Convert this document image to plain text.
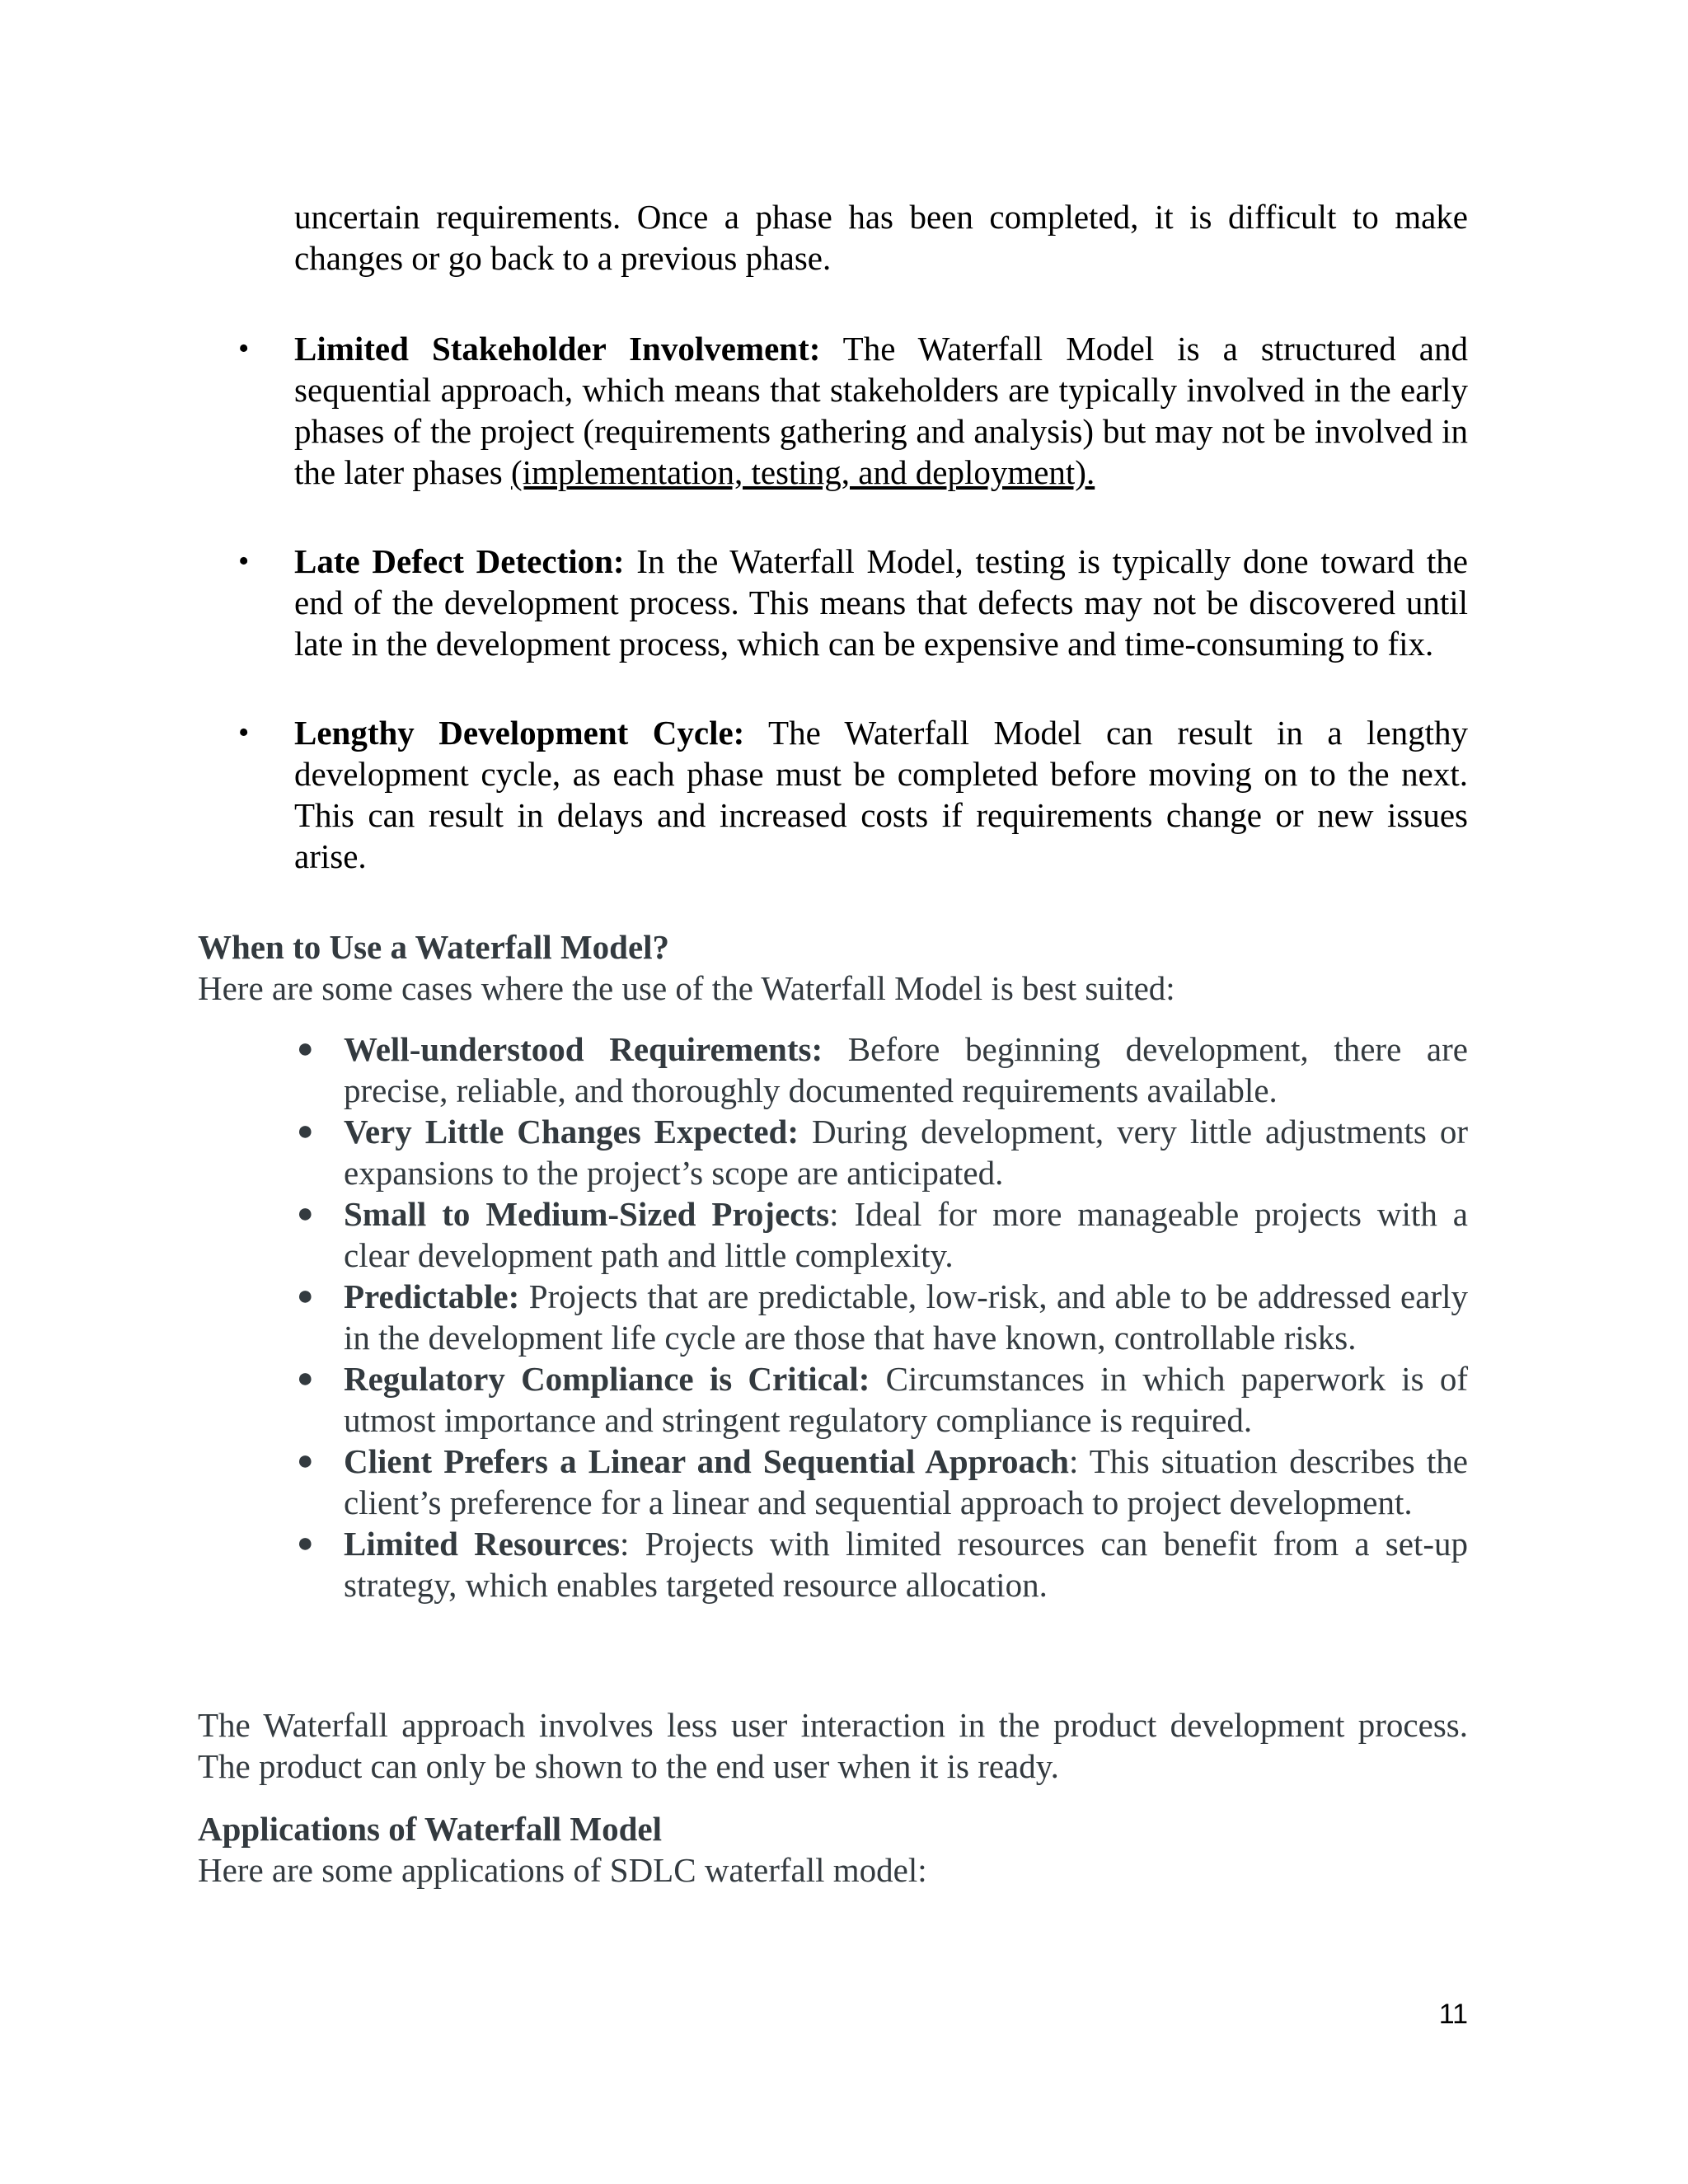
uncertain requirements. Once a phase has been completed, it is difficult to make changes or go back to a previous phase.
•	Limited Stakeholder Involvement: The Waterfall Model is a structured and sequential approach, which means that stakeholders are typically involved in the early phases of the project (requirements gathering and analysis) but may not be involved in the later phases (implementation, testing, and deployment).
•	Late Defect Detection: In the Waterfall Model, testing is typically done toward the end of the development process. This means that defects may not be discovered until late in the development process, which can be expensive and time-consuming to fix.
•	Lengthy Development Cycle: The Waterfall Model can result in a lengthy development cycle, as each phase must be completed before moving on to the next. This can result in delays and increased costs if requirements change or new issues arise.
When to Use a Waterfall Model?
Here are some cases where the use of the Waterfall Model is best suited:
● Well-understood Requirements: Before beginning development, there are precise, reliable, and thoroughly documented requirements available.
● Very Little Changes Expected: During development, very little adjustments or expansions to the project’s scope are anticipated.
● Small to Medium-Sized Projects: Ideal for more manageable projects with a clear development path and little complexity.
● Predictable: Projects that are predictable, low-risk, and able to be addressed early in the development life cycle are those that have known, controllable risks.
● Regulatory Compliance is Critical: Circumstances in which paperwork is of utmost importance and stringent regulatory compliance is required.
● Client Prefers a Linear and Sequential Approach: This situation describes the client’s preference for a linear and sequential approach to project development.
● Limited Resources: Projects with limited resources can benefit from a set-up strategy, which enables targeted resource allocation.
The Waterfall approach involves less user interaction in the product development process. The product can only be shown to the end user when it is ready.
Applications of Waterfall Model
Here are some applications of SDLC waterfall model:
11
